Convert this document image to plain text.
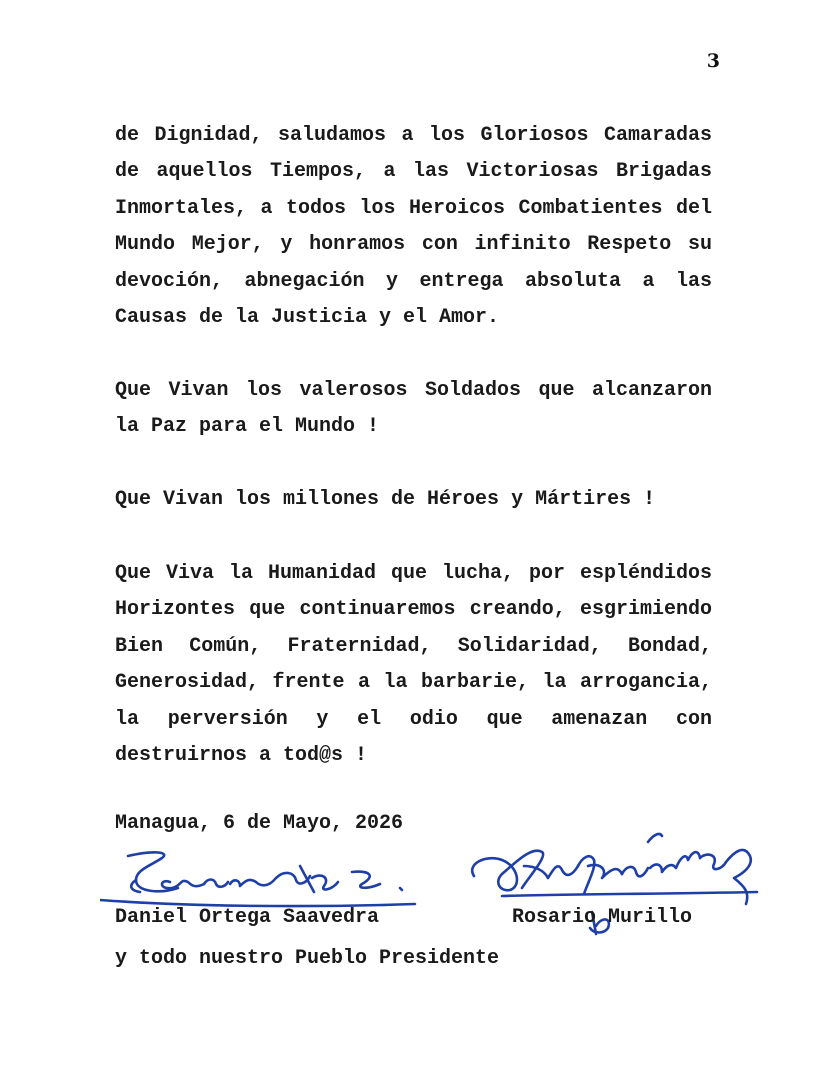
3

de Dignidad, saludamos a los Gloriosos Camaradas de aquellos Tiempos, a las Victoriosas Brigadas Inmortales, a todos los Heroicos Combatientes del Mundo Mejor, y honramos con infinito Respeto su devoción, abnegación y entrega absoluta a las Causas de la Justicia y el Amor.

Que Vivan los valerosos Soldados que alcanzaron la Paz para el Mundo !

Que Vivan los millones de Héroes y Mártires !

Que Viva la Humanidad que lucha, por espléndidos Horizontes que continuaremos creando, esgrimiendo Bien Común, Fraternidad, Solidaridad, Bondad, Generosidad, frente a la barbarie, la arrogancia, la perversión y el odio que amenazan con destruirnos a tod@s !

Managua, 6 de Mayo, 2026
Daniel Ortega Saavedra	Rosario Murillo
y todo nuestro Pueblo Presidente
